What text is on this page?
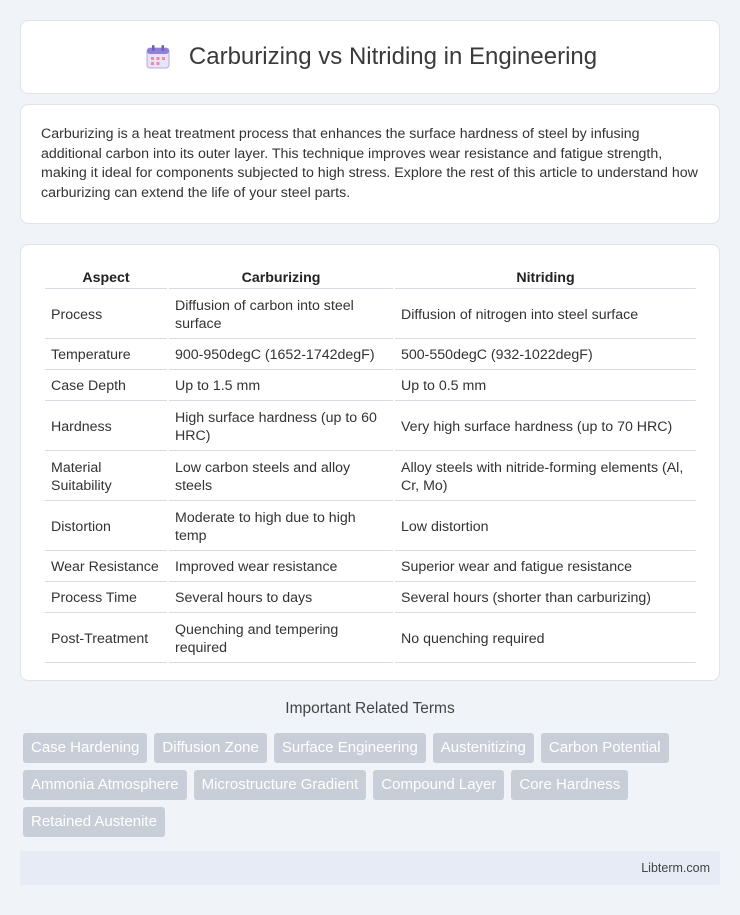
Carburizing vs Nitriding in Engineering

Carburizing is a heat treatment process that enhances the surface hardness of steel by infusing additional carbon into its outer layer. This technique improves wear resistance and fatigue strength, making it ideal for components subjected to high stress. Explore the rest of this article to understand how carburizing can extend the life of your steel parts.

Aspect	Carburizing	Nitriding
Process	Diffusion of carbon into steel surface	Diffusion of nitrogen into steel surface
Temperature	900-950degC (1652-1742degF)	500-550degC (932-1022degF)
Case Depth	Up to 1.5 mm	Up to 0.5 mm
Hardness	High surface hardness (up to 60 HRC)	Very high surface hardness (up to 70 HRC)
Material Suitability	Low carbon steels and alloy steels	Alloy steels with nitride-forming elements (Al, Cr, Mo)
Distortion	Moderate to high due to high temp	Low distortion
Wear Resistance	Improved wear resistance	Superior wear and fatigue resistance
Process Time	Several hours to days	Several hours (shorter than carburizing)
Post-Treatment	Quenching and tempering required	No quenching required
Important Related Terms
Case Hardening	Diffusion Zone	Surface Engineering	Austenitizing	Carbon Potential
Ammonia Atmosphere	Microstructure Gradient	Compound Layer	Core Hardness
Retained Austenite
Libterm.com
